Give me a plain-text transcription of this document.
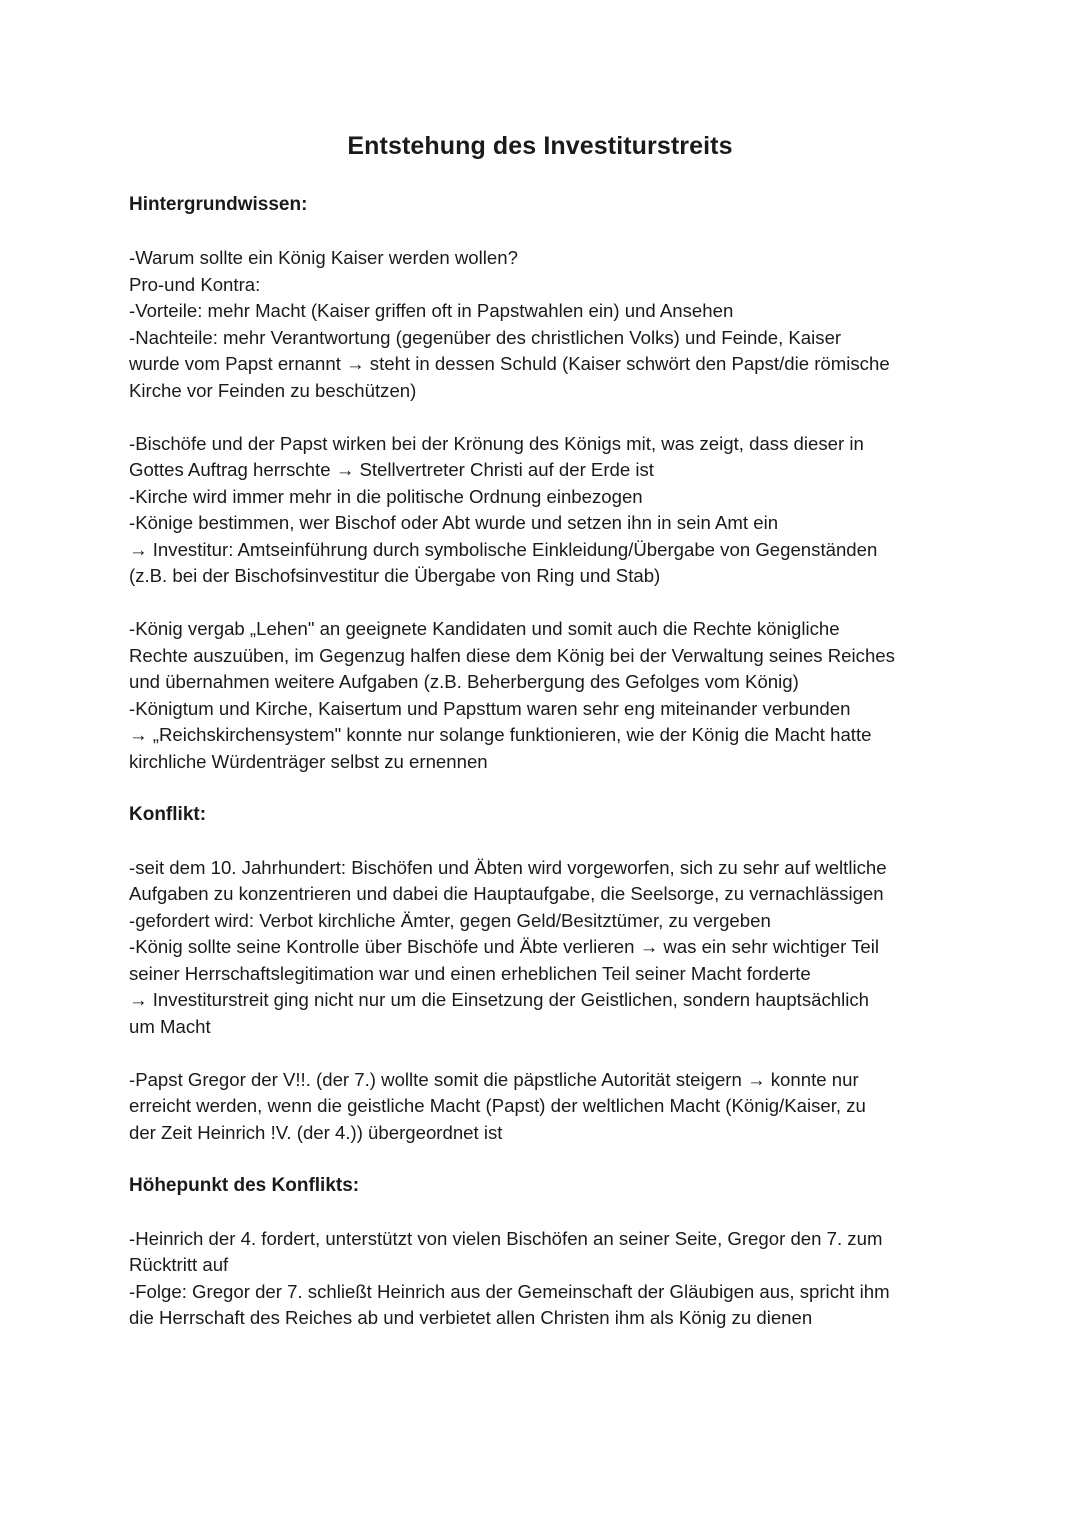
Entstehung des Investiturstreits
Hintergrundwissen:
-Warum sollte ein König Kaiser werden wollen?
Pro-und Kontra:
-Vorteile: mehr Macht (Kaiser griffen oft in Papstwahlen ein) und Ansehen
-Nachteile: mehr Verantwortung (gegenüber des christlichen Volks) und Feinde, Kaiser
wurde vom Papst ernannt → steht in dessen Schuld (Kaiser schwört den Papst/die römische
Kirche vor Feinden zu beschützen)
-Bischöfe und der Papst wirken bei der Krönung des Königs mit, was zeigt, dass dieser in
Gottes Auftrag herrschte → Stellvertreter Christi auf der Erde ist
-Kirche wird immer mehr in die politische Ordnung einbezogen
-Könige bestimmen, wer Bischof oder Abt wurde und setzen ihn in sein Amt ein
→ Investitur: Amtseinführung durch symbolische Einkleidung/Übergabe von Gegenständen
(z.B. bei der Bischofsinvestitur die Übergabe von Ring und Stab)
-König vergab „Lehen" an geeignete Kandidaten und somit auch die Rechte königliche
Rechte auszuüben, im Gegenzug halfen diese dem König bei der Verwaltung seines Reiches
und übernahmen weitere Aufgaben (z.B. Beherbergung des Gefolges vom König)
-Königtum und Kirche, Kaisertum und Papsttum waren sehr eng miteinander verbunden
→ „Reichskirchensystem" konnte nur solange funktionieren, wie der König die Macht hatte
kirchliche Würdenträger selbst zu ernennen
Konflikt:
-seit dem 10. Jahrhundert: Bischöfen und Äbten wird vorgeworfen, sich zu sehr auf weltliche
Aufgaben zu konzentrieren und dabei die Hauptaufgabe, die Seelsorge, zu vernachlässigen
-gefordert wird: Verbot kirchliche Ämter, gegen Geld/Besitztümer, zu vergeben
-König sollte seine Kontrolle über Bischöfe und Äbte verlieren → was ein sehr wichtiger Teil
seiner Herrschaftslegitimation war und einen erheblichen Teil seiner Macht forderte
→ Investiturstreit ging nicht nur um die Einsetzung der Geistlichen, sondern hauptsächlich
um Macht
-Papst Gregor der V!!. (der 7.) wollte somit die päpstliche Autorität steigern → konnte nur
erreicht werden, wenn die geistliche Macht (Papst) der weltlichen Macht (König/Kaiser, zu
der Zeit Heinrich !V. (der 4.)) übergeordnet ist
Höhepunkt des Konflikts:
-Heinrich der 4. fordert, unterstützt von vielen Bischöfen an seiner Seite, Gregor den 7. zum
Rücktritt auf
-Folge: Gregor der 7. schließt Heinrich aus der Gemeinschaft der Gläubigen aus, spricht ihm
die Herrschaft des Reiches ab und verbietet allen Christen ihm als König zu dienen
